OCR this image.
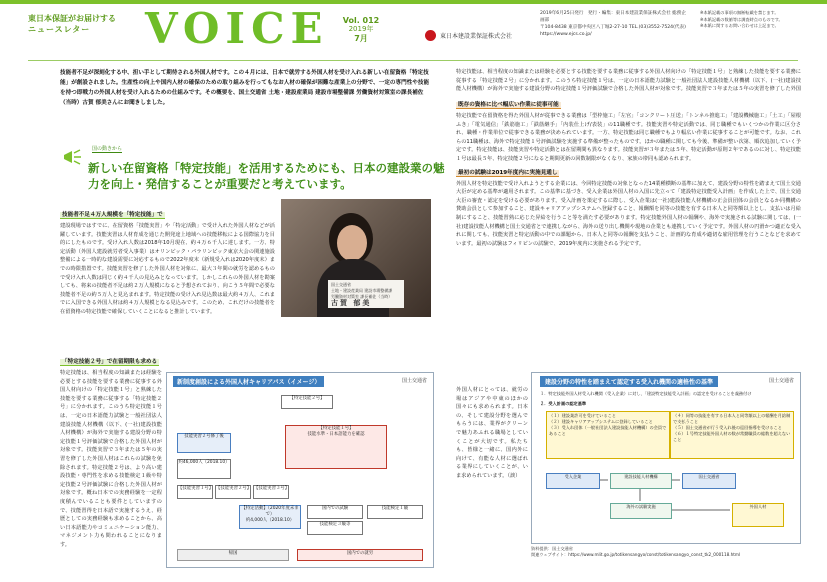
東日本保証がお届けする
ニュースレター	VOICE	Vol. 012
2019年
7月	東日本建設業保証株式会社
2019年6月25日発行　発行・編集：東日本建設業保証株式会社 総務企画部
〒104-8438 東京都中央区八丁堀2-27-10 TEL.(03)3552-7524(代表)
https://www.ejcs.co.jp/
※本紙記載の事項の無断転載を禁じます。
※本紙記載の数値等は調査時点のものです。
※本紙に関するお問い合わせは上記まで。
技能者不足が深刻化する中、担い手として期待される外国人材です。この４月には、日本で就労する外国人材を受け入れる新しい在留資格「特定技能」が創設されました。生産性の向上や国内人材の確保のための取り組みを行ってもなお人材の確保が困難な産業上の分野で、一定の専門性や技能を持つ即戦力の外国人材を受け入れるための仕組みです。その概要を、国土交通省 土地・建設産業局 建設市場整備課 労働資材対策室の課長補佐（当時）古賀 郁美さんにお聞きしました。
国の動きから
新しい在留資格「特定技能」を活用するためにも、日本の建設業の魅力を向上・発信することが重要だと考えています。
国土交通省
土地・建設産業局 建設市場整備課
労働資材対策室 課長補佐（当時）
古賀 郁美
技能者不足４万人規模を「特定技能」で
建設現場ではすでに、在留資格「技能実習」や「特定活動」で受け入れた外国人材などが活躍しています。技能実習は人材育成を通じた開発途上地域への技能移転による国際協力を目的にしたものです。受け入れ人数は2018年10月現在、約４万６千人に達します。一方、特定活動（外国人建設就労者受入事業）はオリンピック・パラリンピック東京大会の関連施設整備による一時的な建設需要に対応するもので2022年度末（新規受入れは2020年度末）までの時限措置です。技能実習を修了した外国人材を対象に、最大３年間の就労を認めるもので受け入れ人数は同じく約４千人の見込みとなっています。しかしこれらの外国人材を勘案しても、将来の技能者不足は約２万人規模になると予想されており、向こう５年間で必要な技能者不足の約５万人と見込まれます。特定技能の受け入れ見込数は最大約４万人、これまでに入国できる外国人材は約４万人規模となる見込みです。このため、これだけの技能者を在留資格の特定技能で確保していくことになると推計しています。
「特定技能２号」で在留期限も求める
特定技能は、相当程度の知識または経験を必要とする技能を要する業務に従事する外国人材向けの「特定技能１号」と熟練した技能を要する業務に従事する「特定技能２号」に分かれます。このうち特定技能１号は、一定の日本語能力試験と一般社団法人建設技能人材機構（以下、(一社)建設技能人材機構）が海外で実施する建設分野の特定技能１号評価試験で合格した外国人材が対象です。技能実習で３年または５年の実習を修了した外国人材はこれらの試験を免除されます。特定技能２号は、より高い建設技能・専門性を求める技能検定１級や特定技能２号評価試験に合格した外国人材が対象です。概ね日本での実務経験を一定程度積んでいることも要件としていますので、技能習得を日本語で実施するうえ、経歴としての実務経験も求めることから、高い日本語能力やコミュニケーション能力、マネジメント力も問われることになります。
新制度創設による外国人材キャリアパス（イメージ）	国土交通省
【特定技能２号】
【特定技能１号】
技能水準・日本語能力を確認
技能実習２号修了後
約46,000人（2018.10）
【技能実習１号】 【技能実習２号】 【技能実習３号】
【特定活動】（2020年度末まで）
約4,000人（2018.10）
国内での試験
技能検定３級等
技能検定１級
帰国	国内での就労
特定技能は、相当程度の知識または経験を必要とする技能を要する業務に従事する外国人材向けの「特定技能１号」と熟練した技能を要する業務に従事する「特定技能２号」に分かれます。このうち特定技能１号は、一定の日本語能力試験と一般社団法人建設技能人材機構（以下、(一社)建設技能人材機構）が海外で実施する建設分野の特定技能１号評価試験で合格した外国人材が対象です。技能実習で３年または５年の実習を修了した外国
既存の資格に比べ幅広い作業に従事可能
特定技能で在留資格を得た外国人材が従事できる業務は「型枠施工」「左官」「コンクリート圧送」「トンネル推進工」「建設機械施工」「土工」「屋根ふき」「電気通信」「鉄筋施工」「鉄筋継手」「内装仕上げ/表装」の11職種です。技能実習や特定活動では、同じ職種でもいくつかの作業に区分され、職種・作業単位で従事できる業務が決められています。一方、特定技能は同じ職種でもより幅広い作業に従事することが可能です。なお、これらの11職種は、海外で特定技能１号評価試験を実施する準備が整ったものです。ほかの職種に関しても今後、準備が整い次第、順次追加していく予定です。特定技能は、技能実習や特定活動とは在留期間も異なります。技能実習が３年または５年、特定活動が原則２年であるのに対し、特定技能１号は最長５年、特定技能２号になると期間更新の回数制限がなくなり、家族の帯同も認められます。
最初の試験は2019年度内に実施見通し
外国人材を特定技能で受け入れようとする企業には、今回特定技能の対象となった14業種横断の基準に加えて、建設分野の特性を踏まえて国土交通大臣が定める基準が適用されます。この基準に基づき、受入企業は外国人材の入国に先立って「建設特定技能受入計画」を作成した上で、国土交通大臣の審査・認定を受ける必要があります。受入計画を策定するに際し、受入企業は(一社)建設技能人材機構の正会員団体の会員となるか同機構の賛助会員として参加すること、建設キャリアアップシステムへ登録すること、報酬額を同等の技能を有する日本人と同等額以上とし、支払いは月給制にすること、技能習熟に応じた昇給を行うこと等を満たす必要があります。特定技能外国人材の報酬や、海外で実施される試験に関しては、(一社)建設技能人材機構と国土交通省とで連携しながら、海外の送り出し機関や現地の企業とも連携していく予定です。外国人材の円滑かつ適正な受入れに関しても、技能実習と特定活動の中での課題から、日本人と同等の報酬を支払うこと、計画的な育成や適切な雇用管理を行うことなどを求めています。最初の試験はフィリピンの試験で、2019年度内に実施される予定です。
外国人材にとっては、就労の場はアジアや中東のほかの国々にも求められます。日本の、そして建設分野を選んでもらうには、業界がクリーンで魅力あふれる職場としていくことが大切です。私たちも、皆様と一緒に、国内外に向けて、有能な人材に選ばれる業界にしていくことが、いま求められています。（談）
建設分野の特性を踏まえて認定する受入れ機関の適格性の基準	国土交通省
１．特定技能外国人材受入れ機関（受入企業）に対し、「建設特定技能受入計画」の認定を受けることを義務付け
２．受入計画の認定基準
（１）建設業許可を受けていること
（２）建設キャリアアップシステムに登録していること
（３）受入れ団体（一般社団法人建設技能人材機構）の会員であること
（４）同等の技能を有する日本人と同等額以上の報酬を月給制で支払うこと
（５）国土交通省が行う受入れ後の巡回指導を受けること
（６）１号特定技能外国人材の数が常勤職員の総数を超えないこと
受入企業	建設技能人材機構	国土交通省
海外の試験実施	外国人材
資料提供：国土交通省
関連ウェブサイト：https://www.mlit.go.jp/totikensangyo/const/totikensangyo_const_tk2_000118.html
